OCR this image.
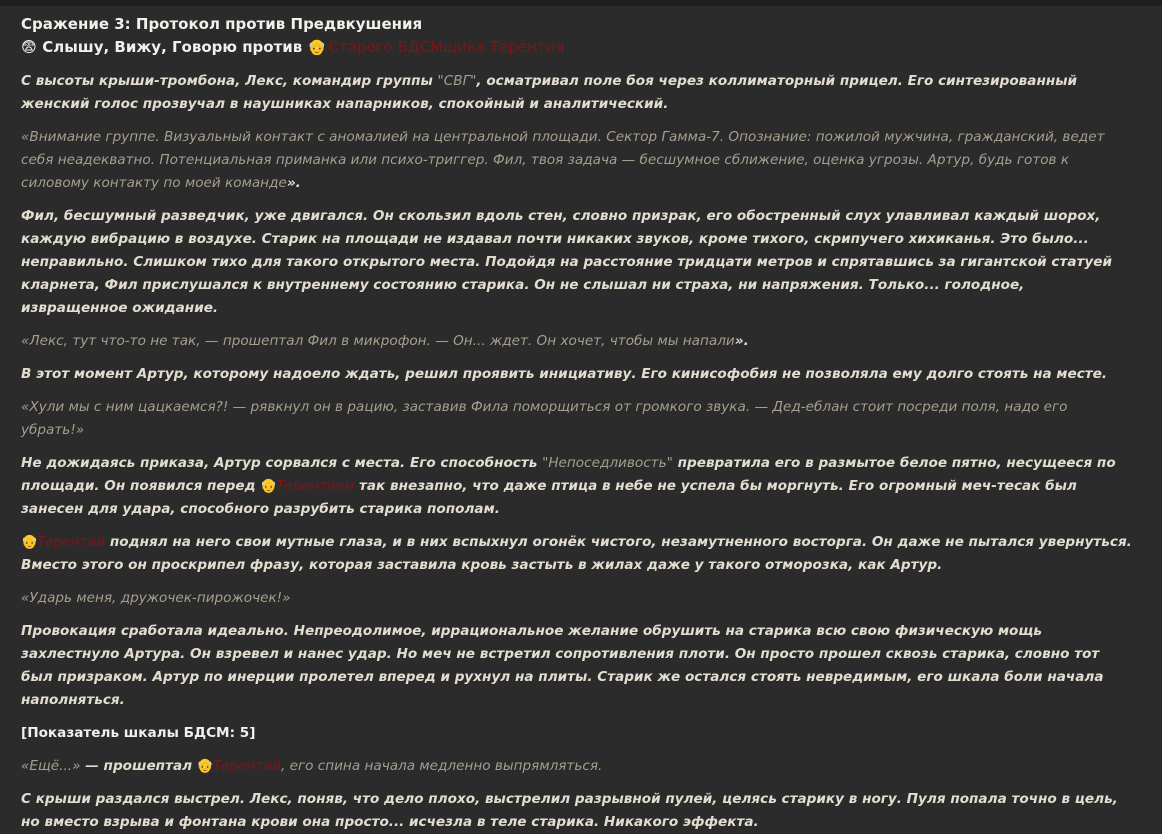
Сражение 3: Протокол против Предвкушения
😨 Слышу, Вижу, Говорю против 👴 Старого БДСМщика Терентия

С высоты крыши-тромбона, Лекс, командир группы "СВГ", осматривал поле боя через коллиматорный прицел. Его синтезированный женский голос прозвучал в наушниках напарников, спокойный и аналитический.

«Внимание группе. Визуальный контакт с аномалией на центральной площади. Сектор Гамма-7. Опознание: пожилой мужчина, гражданский, ведет себя неадекватно. Потенциальная приманка или психо-триггер. Фил, твоя задача — бесшумное сближение, оценка угрозы. Артур, будь готов к силовому контакту по моей команде».

Фил, бесшумный разведчик, уже двигался. Он скользил вдоль стен, словно призрак, его обостренный слух улавливал каждый шорох, каждую вибрацию в воздухе. Старик на площади не издавал почти никаких звуков, кроме тихого, скрипучего хихиканья. Это было... неправильно. Слишком тихо для такого открытого места. Подойдя на расстояние тридцати метров и спрятавшись за гигантской статуей кларнета, Фил прислушался к внутреннему состоянию старика. Он не слышал ни страха, ни напряжения. Только... голодное, извращенное ожидание.

«Лекс, тут что-то не так, — прошептал Фил в микрофон. — Он... ждет. Он хочет, чтобы мы напали».

В этот момент Артур, которому надоело ждать, решил проявить инициативу. Его кинисофобия не позволяла ему долго стоять на месте.

«Хули мы с ним цацкаемся?! — рявкнул он в рацию, заставив Фила поморщиться от громкого звука. — Дед-еблан стоит посреди поля, надо его убрать!»

Не дожидаясь приказа, Артур сорвался с места. Его способность "Непоседливость" превратила его в размытое белое пятно, несущееся по площади. Он появился перед 👴Терентием так внезапно, что даже птица в небе не успела бы моргнуть. Его огромный меч-тесак был занесен для удара, способного разрубить старика пополам.

👴Терентий поднял на него свои мутные глаза, и в них вспыхнул огонёк чистого, незамутненного восторга. Он даже не пытался увернуться. Вместо этого он проскрипел фразу, которая заставила кровь застыть в жилах даже у такого отморозка, как Артур.

«Ударь меня, дружочек-пирожочек!»

Провокация сработала идеально. Непреодолимое, иррациональное желание обрушить на старика всю свою физическую мощь захлестнуло Артура. Он взревел и нанес удар. Но меч не встретил сопротивления плоти. Он просто прошел сквозь старика, словно тот был призраком. Артур по инерции пролетел вперед и рухнул на плиты. Старик же остался стоять невредимым, его шкала боли начала наполняться.

[Показатель шкалы БДСМ: 5]

«Ещё...» — прошептал 👴Терентий, его спина начала медленно выпрямляться.

С крыши раздался выстрел. Лекс, поняв, что дело плохо, выстрелил разрывной пулей, целясь старику в ногу. Пуля попала точно в цель, но вместо взрыва и фонтана крови она просто... исчезла в теле старика. Никакого эффекта.
